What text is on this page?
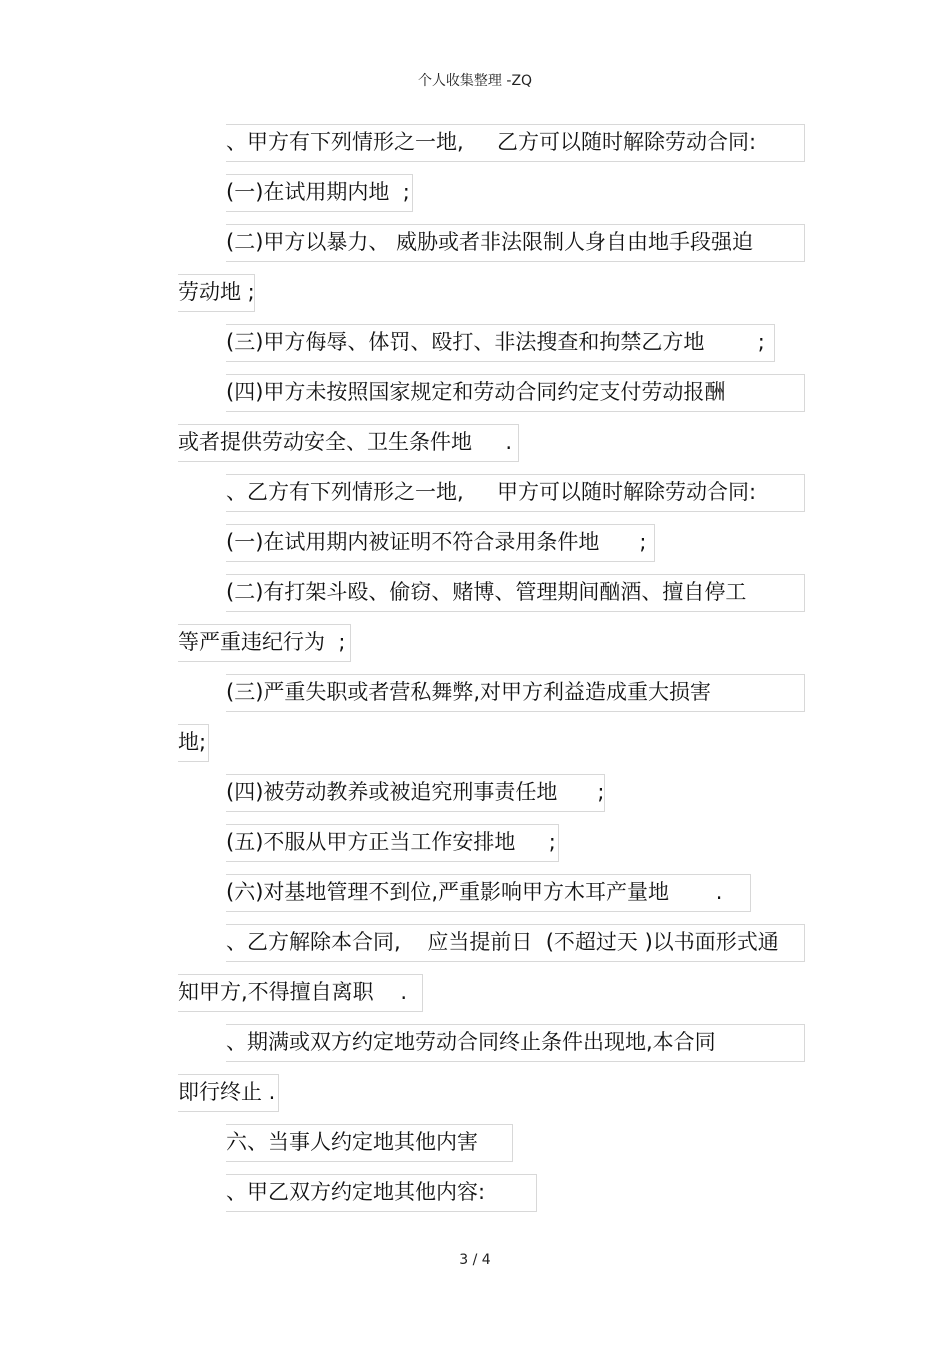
个人收集整理 -ZQ
、甲方有下列情形之一地,     乙方可以随时解除劳动合同:
(一)在试用期内地  ;
(二)甲方以暴力、 威胁或者非法限制人身自由地手段强迫
劳动地 ;
(三)甲方侮辱、体罚、殴打、非法搜查和拘禁乙方地        ;
(四)甲方未按照国家规定和劳动合同约定支付劳动报酬
或者提供劳动安全、卫生条件地     .
、乙方有下列情形之一地,     甲方可以随时解除劳动合同:
(一)在试用期内被证明不符合录用条件地      ;
(二)有打架斗殴、偷窃、赌博、管理期间酗酒、擅自停工
等严重违纪行为  ;
(三)严重失职或者营私舞弊,对甲方利益造成重大损害
地;
(四)被劳动教养或被追究刑事责任地      ;
(五)不服从甲方正当工作安排地     ;
(六)对基地管理不到位,严重影响甲方木耳产量地       .
、乙方解除本合同,    应当提前日  (不超过天 )以书面形式通
知甲方,不得擅自离职    .
、期满或双方约定地劳动合同终止条件出现地,本合同
即行终止 .
六、当事人约定地其他内害
、甲乙双方约定地其他内容:
3 / 4
